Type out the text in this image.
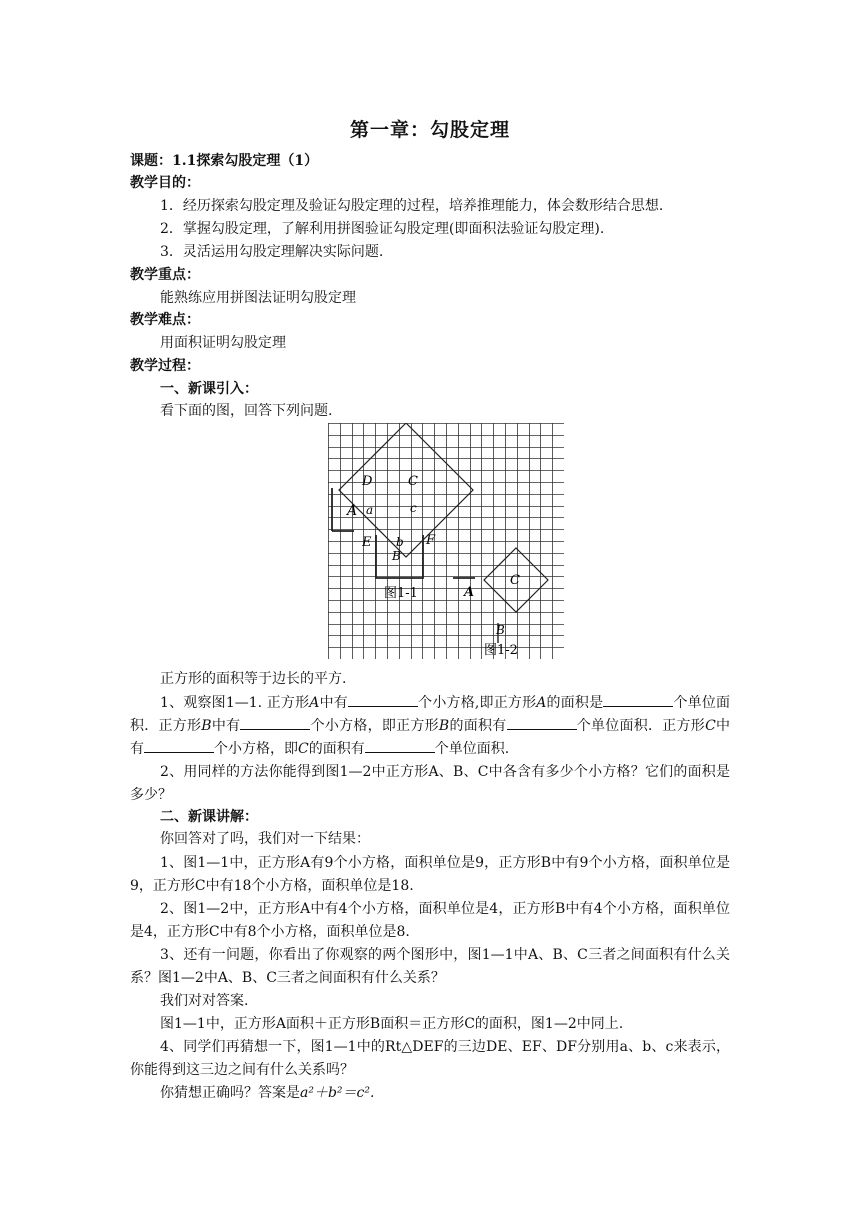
第一章：勾股定理
课题：1.1探索勾股定理（1）
教学目的：
1．经历探索勾股定理及验证勾股定理的过程，培养推理能力，体会数形结合思想.
2．掌握勾股定理，了解利用拼图验证勾股定理(即面积法验证勾股定理).
3．灵活运用勾股定理解决实际问题.
教学重点：
能熟练应用拼图法证明勾股定理
教学难点：
用面积证明勾股定理
教学过程：
一、新课引入：
看下面的图，回答下列问题.
D	C
A a	c
E b
B
F
图1-1	A
C
B
图1-2
正方形的面积等于边长的平方.
1、观察图1—1. 正方形A中有	个小方格,即正方形A的面积是	个单位面积．正方形B中有	个小方格，即正方形B的面积有	个单位面积．正方形C中有	个小方格，即C的面积有	个单位面积.
2、用同样的方法你能得到图1—2中正方形A、B、C中各含有多少个小方格？它们的面积是多少？
二、新课讲解：
你回答对了吗，我们对一下结果：
1、图1—1中，正方形A有9个小方格，面积单位是9，正方形B中有9个小方格，面积单位是9，正方形C中有18个小方格，面积单位是18.
2、图1—2中，正方形A中有4个小方格，面积单位是4，正方形B中有4个小方格，面积单位是4，正方形C中有8个小方格，面积单位是8.
3、还有一问题，你看出了你观察的两个图形中，图1—1中A、B、C三者之间面积有什么关系？图1—2中A、B、C三者之间面积有什么关系？
我们对对答案.
图1—1中，正方形A面积＋正方形B面积＝正方形C的面积，图1—2中同上.
4、同学们再猜想一下，图1—1中的Rt△DEF的三边DE、EF、DF分别用a、b、c来表示，你能得到这三边之间有什么关系吗？
你猜想正确吗？答案是a²＋b²＝c².
